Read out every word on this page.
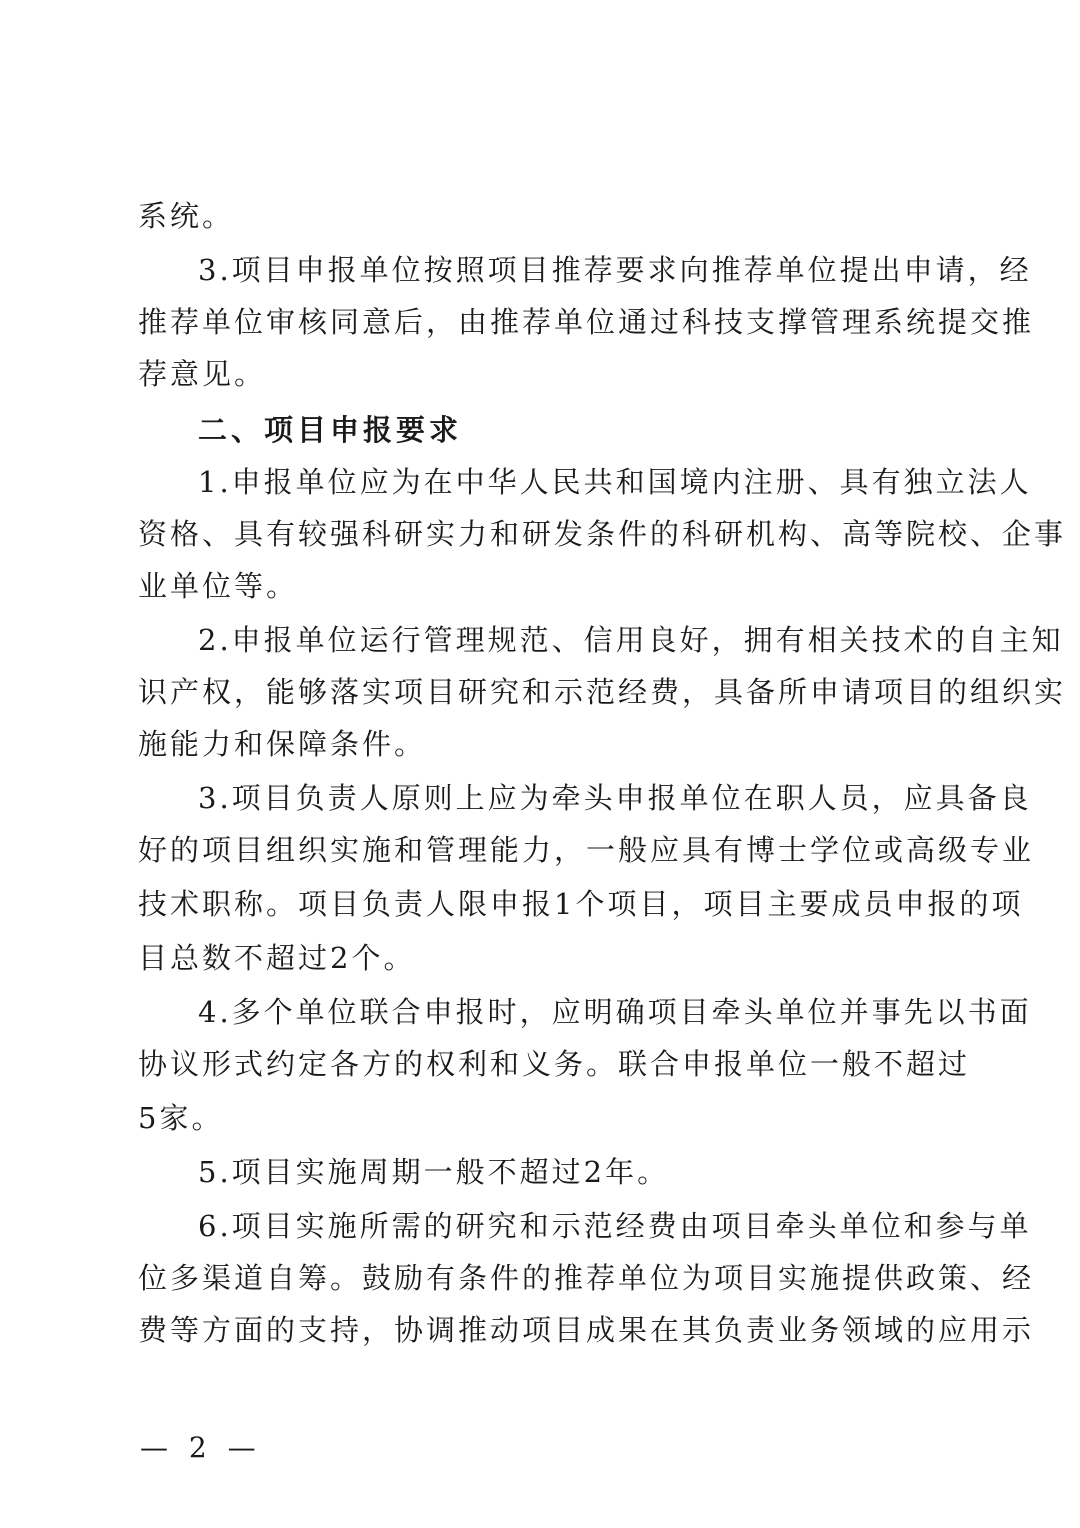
系统。
3.项目申报单位按照项目推荐要求向推荐单位提出申请，经
推荐单位审核同意后，由推荐单位通过科技支撑管理系统提交推
荐意见。
二、项目申报要求
1.申报单位应为在中华人民共和国境内注册、具有独立法人
资格、具有较强科研实力和研发条件的科研机构、高等院校、企事
业单位等。
2.申报单位运行管理规范、信用良好，拥有相关技术的自主知
识产权，能够落实项目研究和示范经费，具备所申请项目的组织实
施能力和保障条件。
3.项目负责人原则上应为牵头申报单位在职人员，应具备良
好的项目组织实施和管理能力，一般应具有博士学位或高级专业
技术职称。项目负责人限申报1个项目，项目主要成员申报的项
目总数不超过2个。
4.多个单位联合申报时，应明确项目牵头单位并事先以书面
协议形式约定各方的权利和义务。联合申报单位一般不超过
5家。
5.项目实施周期一般不超过2年。
6.项目实施所需的研究和示范经费由项目牵头单位和参与单
位多渠道自筹。鼓励有条件的推荐单位为项目实施提供政策、经
费等方面的支持，协调推动项目成果在其负责业务领域的应用示
— 2 —
